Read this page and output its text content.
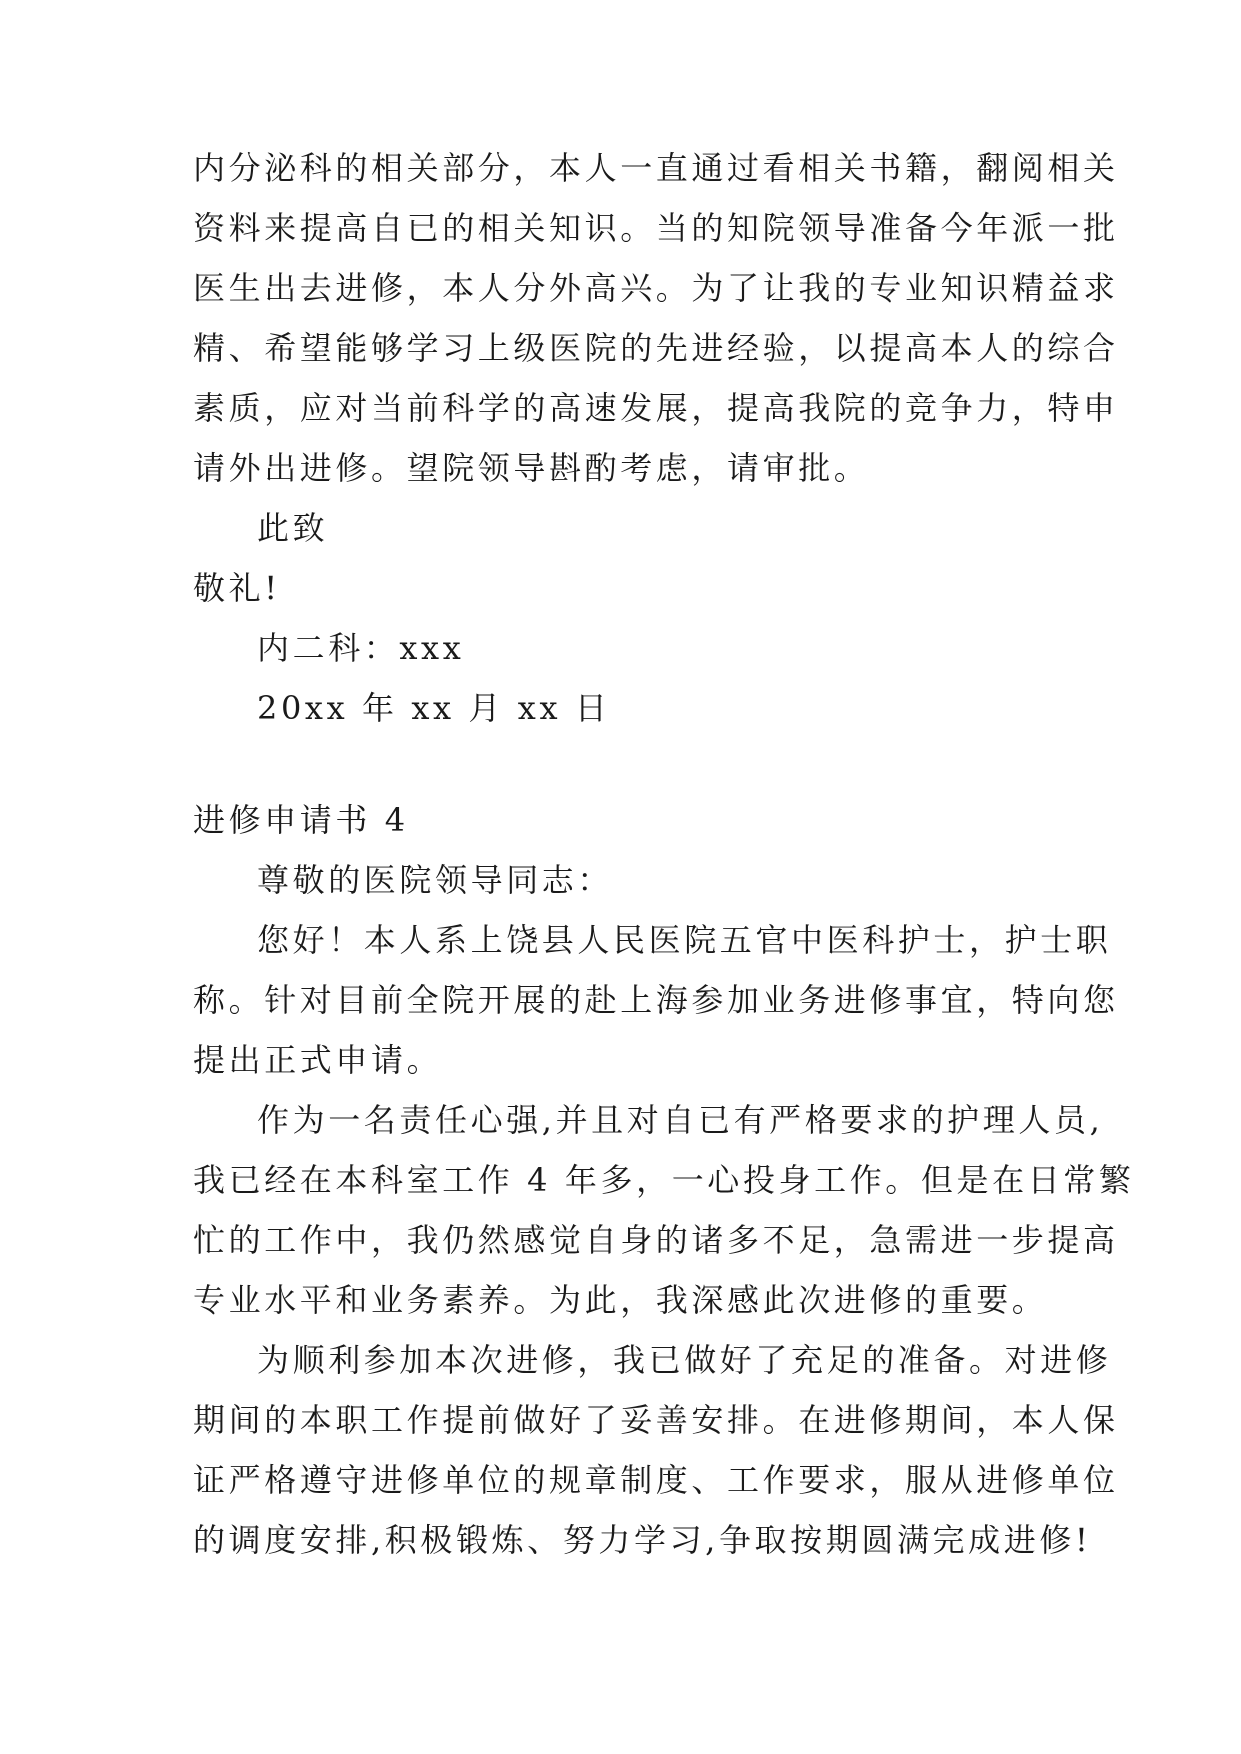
内分泌科的相关部分，本人一直通过看相关书籍，翻阅相关
资料来提高自已的相关知识。当的知院领导准备今年派一批
医生出去进修，本人分外高兴。为了让我的专业知识精益求
精、希望能够学习上级医院的先进经验，以提高本人的综合
素质，应对当前科学的高速发展，提高我院的竞争力，特申
请外出进修。望院领导斟酌考虑，请审批。
此致
敬礼!
内二科：xxx
20xx 年 xx 月 xx 日
进修申请书 4
尊敬的医院领导同志：
您好！本人系上饶县人民医院五官中医科护士，护士职
称。针对目前全院开展的赴上海参加业务进修事宜，特向您
提出正式申请。
作为一名责任心强,并且对自已有严格要求的护理人员,
我已经在本科室工作 4 年多，一心投身工作。但是在日常繁
忙的工作中，我仍然感觉自身的诸多不足，急需进一步提高
专业水平和业务素养。为此，我深感此次进修的重要。
为顺利参加本次进修，我已做好了充足的准备。对进修
期间的本职工作提前做好了妥善安排。在进修期间，本人保
证严格遵守进修单位的规章制度、工作要求，服从进修单位
的调度安排,积极锻炼、努力学习,争取按期圆满完成进修!
